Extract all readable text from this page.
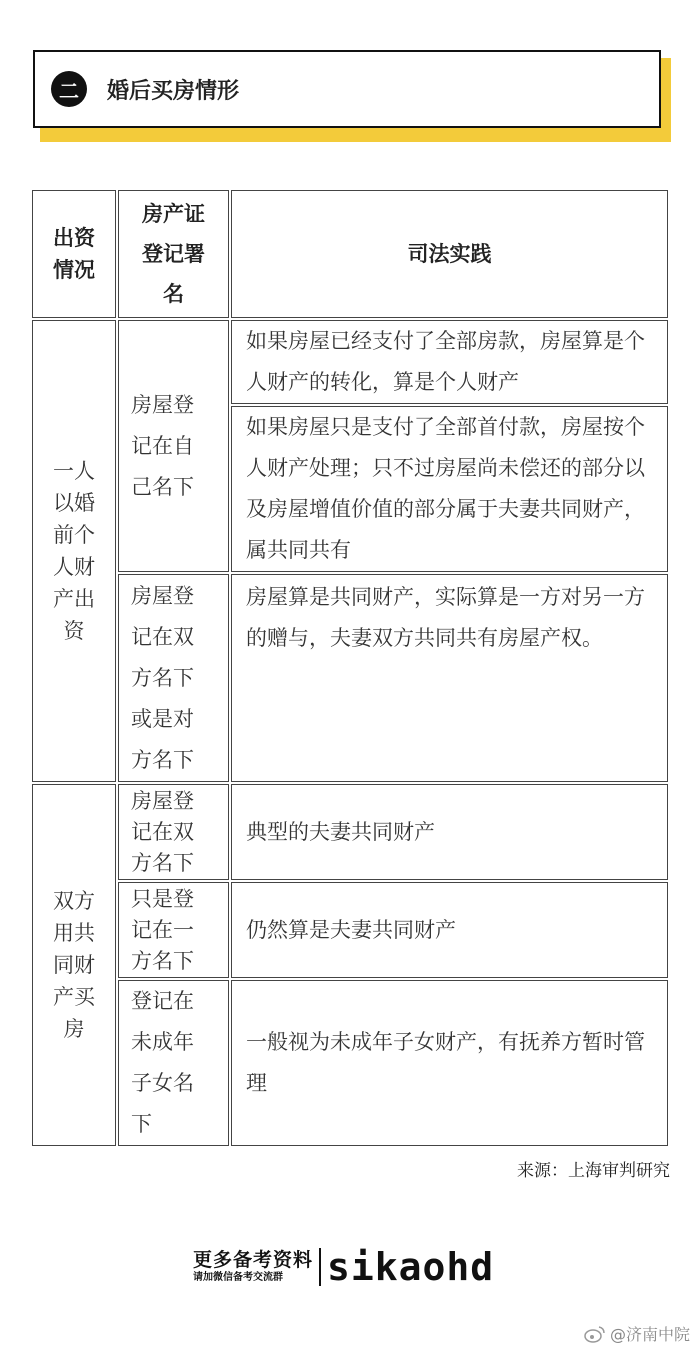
二	婚后买房情形
出资情况
房产证登记署名
司法实践
一人以婚前个人财产出资
房屋登记在自己名下
如果房屋已经支付了全部房款，房屋算是个人财产的转化，算是个人财产
如果房屋只是支付了全部首付款，房屋按个人财产处理；只不过房屋尚未偿还的部分以及房屋增值价值的部分属于夫妻共同财产，属共同共有
房屋登记在双方名下或是对方名下
房屋算是共同财产，实际算是一方对另一方的赠与，夫妻双方共同共有房屋产权。
双方用共同财产买房
房屋登记在双方名下
典型的夫妻共同财产
只是登记在一方名下
仍然算是夫妻共同财产
登记在未成年子女名下
一般视为未成年子女财产，有抚养方暂时管理
来源：上海审判研究
更多备考资料
请加微信备考交流群 sikaohd
@济南中院
